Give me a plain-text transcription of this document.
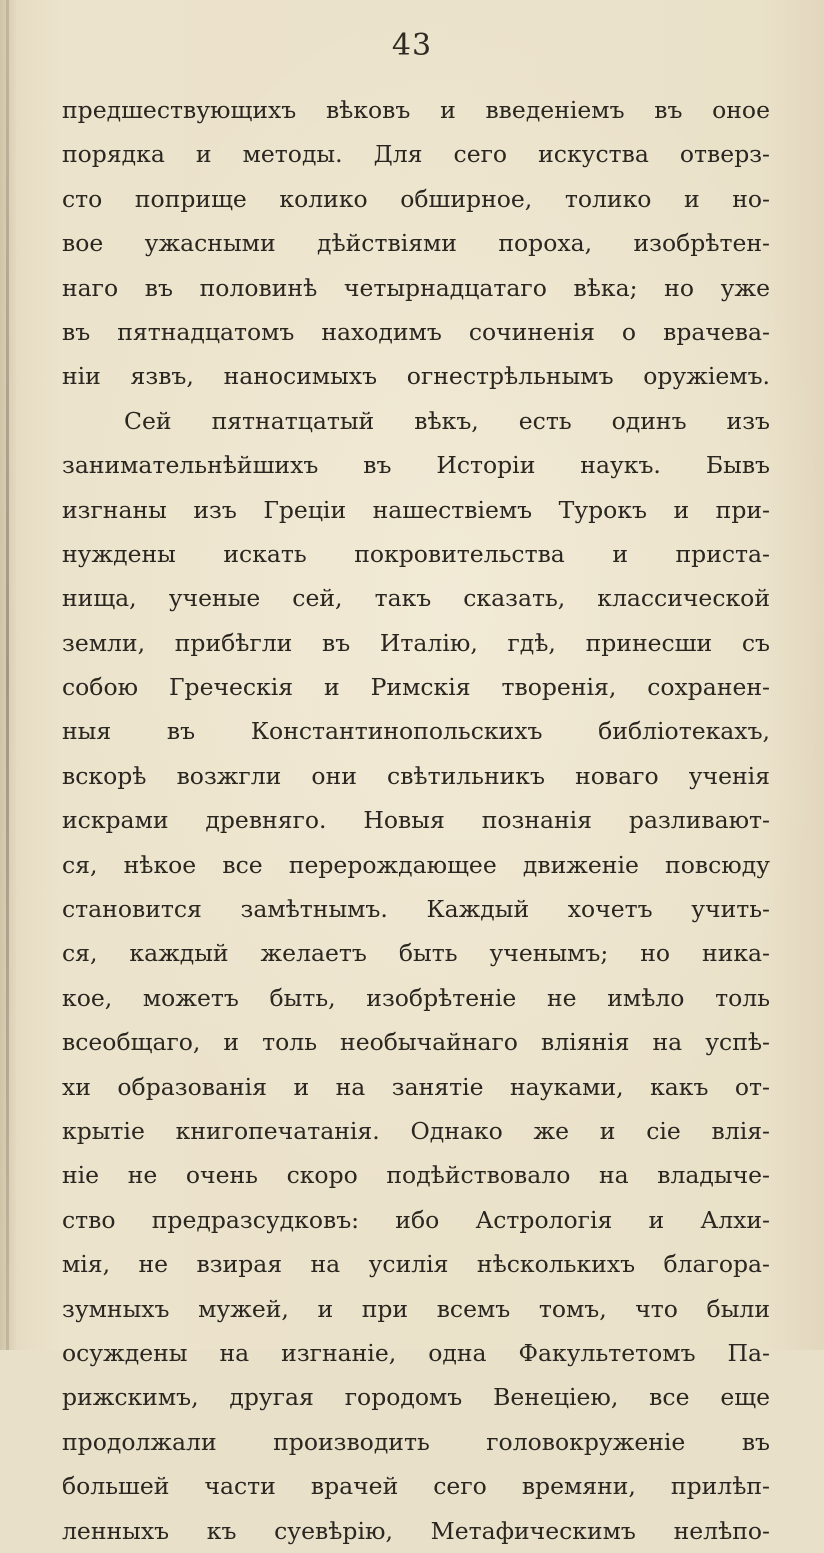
43
предшествующихъ вѣковъ и введенiемъ въ оное
порядка и методы. Для сего искуства отверз-
сто поприще колико обширное, толико и но-
вое ужасными дѣйствiями пороха, изобрѣтен-
наго въ половинѣ четырнадцатаго вѣка; но уже
въ пятнадцатомъ находимъ сочиненiя о врачева-
нiи язвъ, наносимыхъ огнестрѣльнымъ оружiемъ.
Сей пятнатцатый вѣкъ, есть одинъ изъ
занимательнѣйшихъ въ Исторiи наукъ. Бывъ
изгнаны изъ Грецiи нашествiемъ Турокъ и при-
нуждены искать покровительства и приста-
нища, ученые сей, такъ сказать, классической
земли, прибѣгли въ Италiю, гдѣ, принесши съ
собою Греческiя и Римскiя творенiя, сохранен-
ныя въ Константинопольскихъ библiотекахъ,
вскорѣ возжгли они свѣтильникъ новаго ученiя
искрами древняго. Новыя познанiя разливают-
ся, нѣкое все перерождающее движенiе повсюду
становится замѣтнымъ. Каждый хочетъ учить-
ся, каждый желаетъ быть ученымъ; но ника-
кое, можетъ быть, изобрѣтенiе не имѣло толь
всеобщаго, и толь необычайнаго влiянiя на успѣ-
хи образованiя и на занятiе науками, какъ от-
крытiе книгопечатанiя. Однако же и сiе влiя-
нiе не очень скоро подѣйствовало на владыче-
ство предразсудковъ: ибо Астрологiя и Алхи-
мiя, не взирая на усилiя нѣсколькихъ благора-
зумныхъ мужей, и при всемъ томъ, что были
осуждены на изгнанiе, одна Факультетомъ Па-
рижскимъ, другая городомъ Венецiею, все еще
продолжали производить головокруженiе въ
большей части врачей сего времяни, прилѣп-
ленныхъ къ суевѣрiю, Метафическимъ нелѣпо-
